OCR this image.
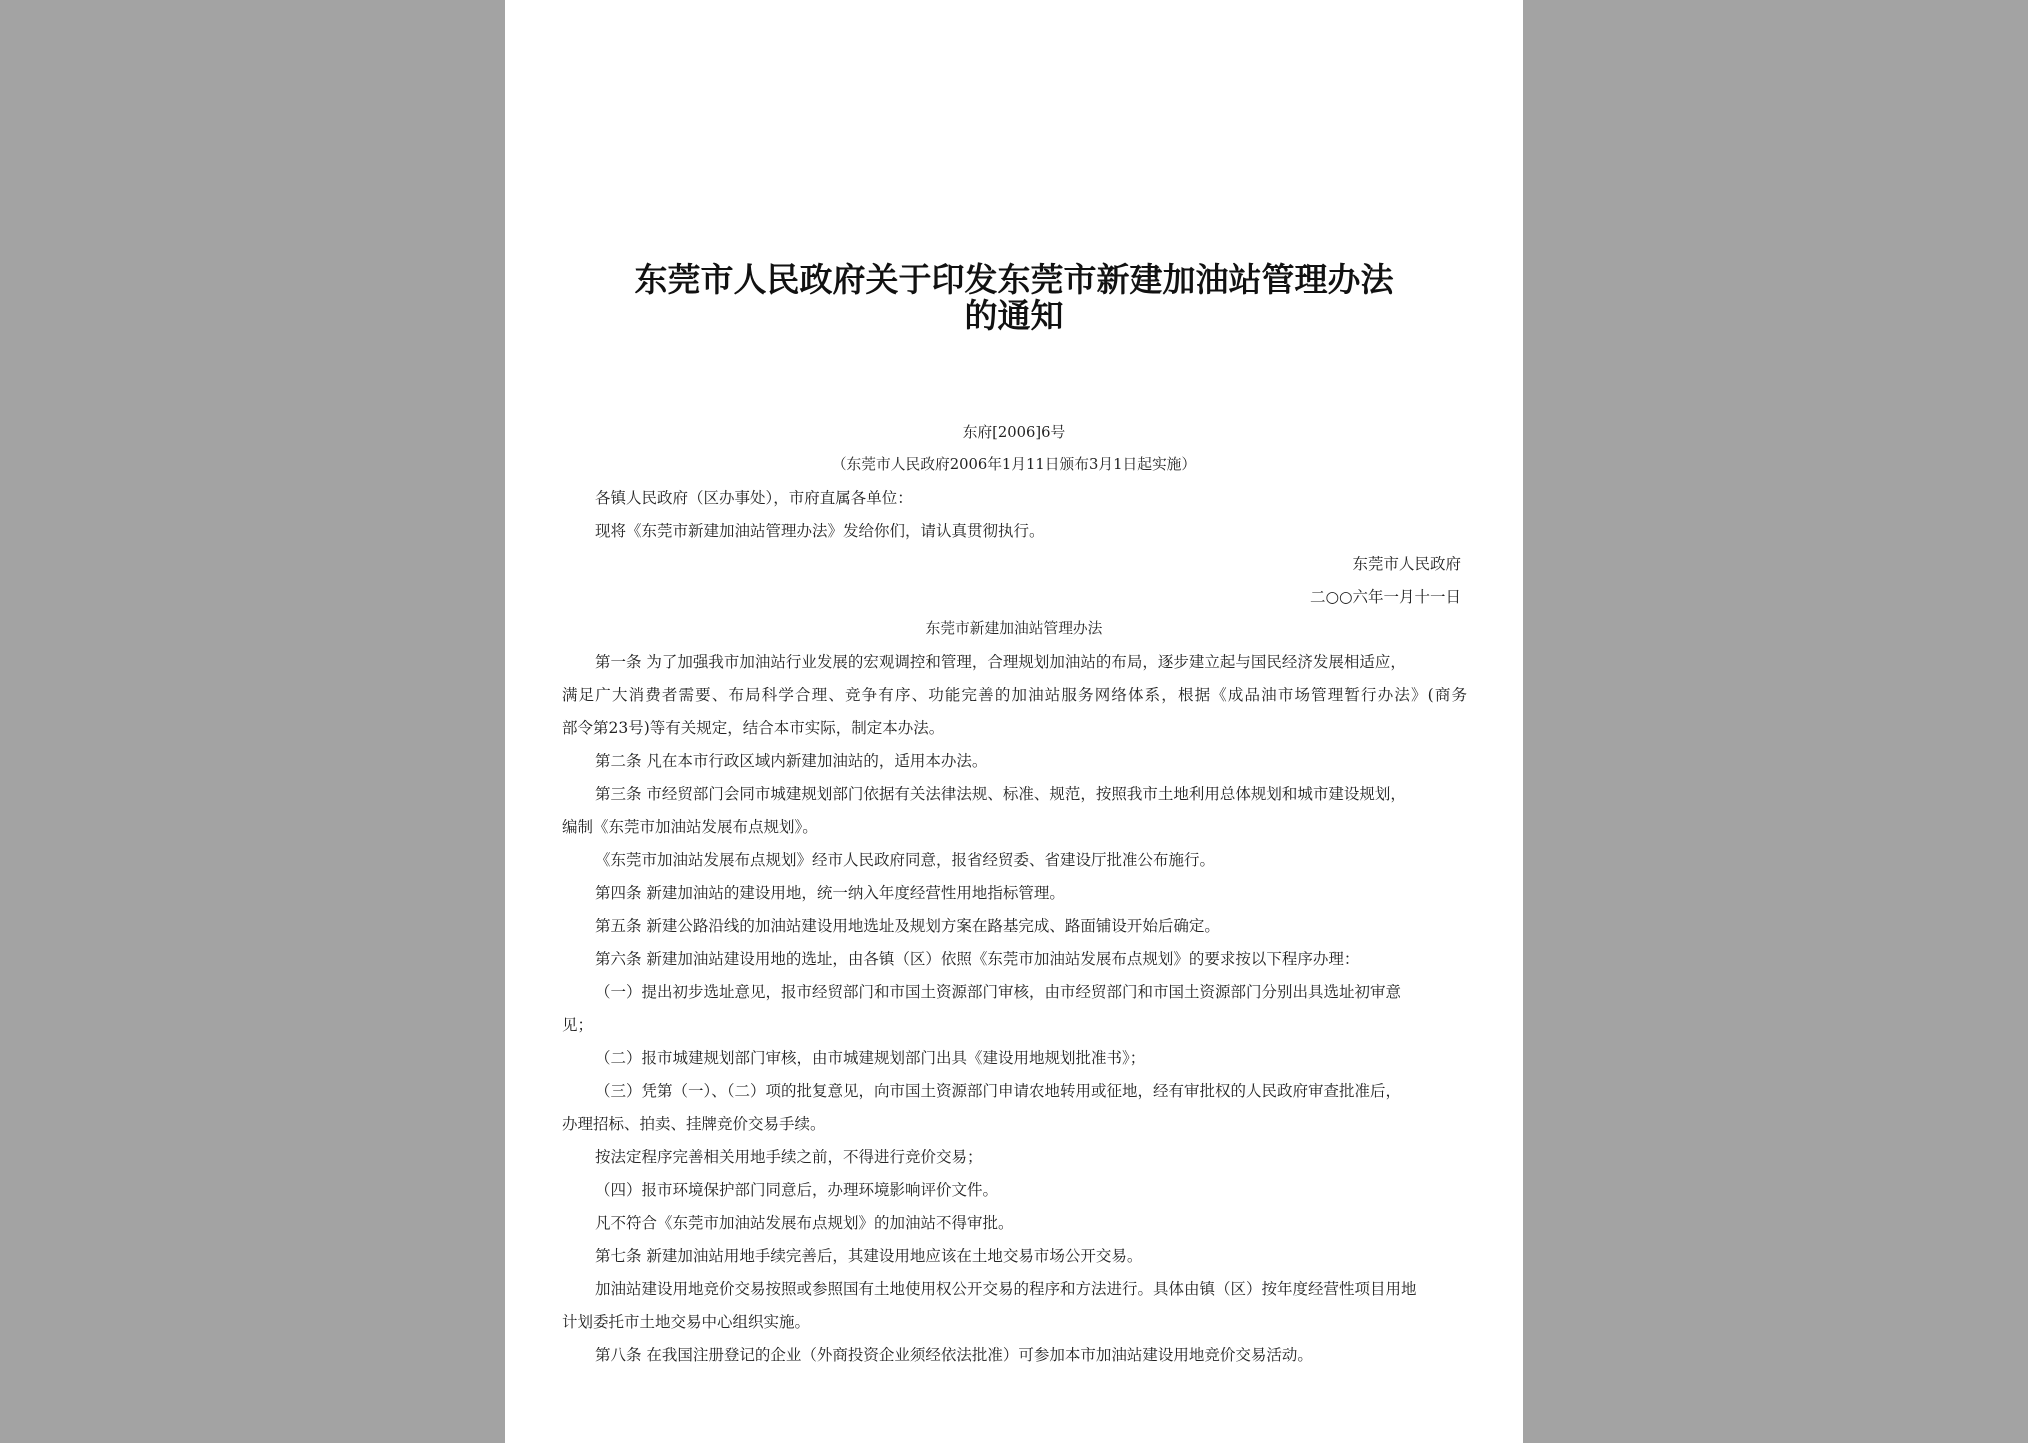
东莞市人民政府关于印发东莞市新建加油站管理办法
的通知
东府[2006]6号
（东莞市人民政府2006年1月11日颁布3月1日起实施）
各镇人民政府（区办事处），市府直属各单位：
现将《东莞市新建加油站管理办法》发给你们，请认真贯彻执行。
东莞市人民政府
二○○六年一月十一日
东莞市新建加油站管理办法
第一条 为了加强我市加油站行业发展的宏观调控和管理，合理规划加油站的布局，逐步建立起与国民经济发展相适应，
满足广大消费者需要、布局科学合理、竞争有序、功能完善的加油站服务网络体系，根据《成品油市场管理暂行办法》(商务
部令第23号)等有关规定，结合本市实际，制定本办法。
第二条 凡在本市行政区域内新建加油站的，适用本办法。
第三条 市经贸部门会同市城建规划部门依据有关法律法规、标准、规范，按照我市土地利用总体规划和城市建设规划，
编制《东莞市加油站发展布点规划》。
《东莞市加油站发展布点规划》经市人民政府同意，报省经贸委、省建设厅批准公布施行。
第四条 新建加油站的建设用地，统一纳入年度经营性用地指标管理。
第五条 新建公路沿线的加油站建设用地选址及规划方案在路基完成、路面铺设开始后确定。
第六条 新建加油站建设用地的选址，由各镇（区）依照《东莞市加油站发展布点规划》的要求按以下程序办理：
（一）提出初步选址意见，报市经贸部门和市国土资源部门审核，由市经贸部门和市国土资源部门分别出具选址初审意
见；
（二）报市城建规划部门审核，由市城建规划部门出具《建设用地规划批准书》；
（三）凭第（一）、（二）项的批复意见，向市国土资源部门申请农地转用或征地，经有审批权的人民政府审查批准后，
办理招标、拍卖、挂牌竞价交易手续。
按法定程序完善相关用地手续之前，不得进行竞价交易；
（四）报市环境保护部门同意后，办理环境影响评价文件。
凡不符合《东莞市加油站发展布点规划》的加油站不得审批。
第七条 新建加油站用地手续完善后，其建设用地应该在土地交易市场公开交易。
加油站建设用地竞价交易按照或参照国有土地使用权公开交易的程序和方法进行。具体由镇（区）按年度经营性项目用地
计划委托市土地交易中心组织实施。
第八条 在我国注册登记的企业（外商投资企业须经依法批准）可参加本市加油站建设用地竞价交易活动。
